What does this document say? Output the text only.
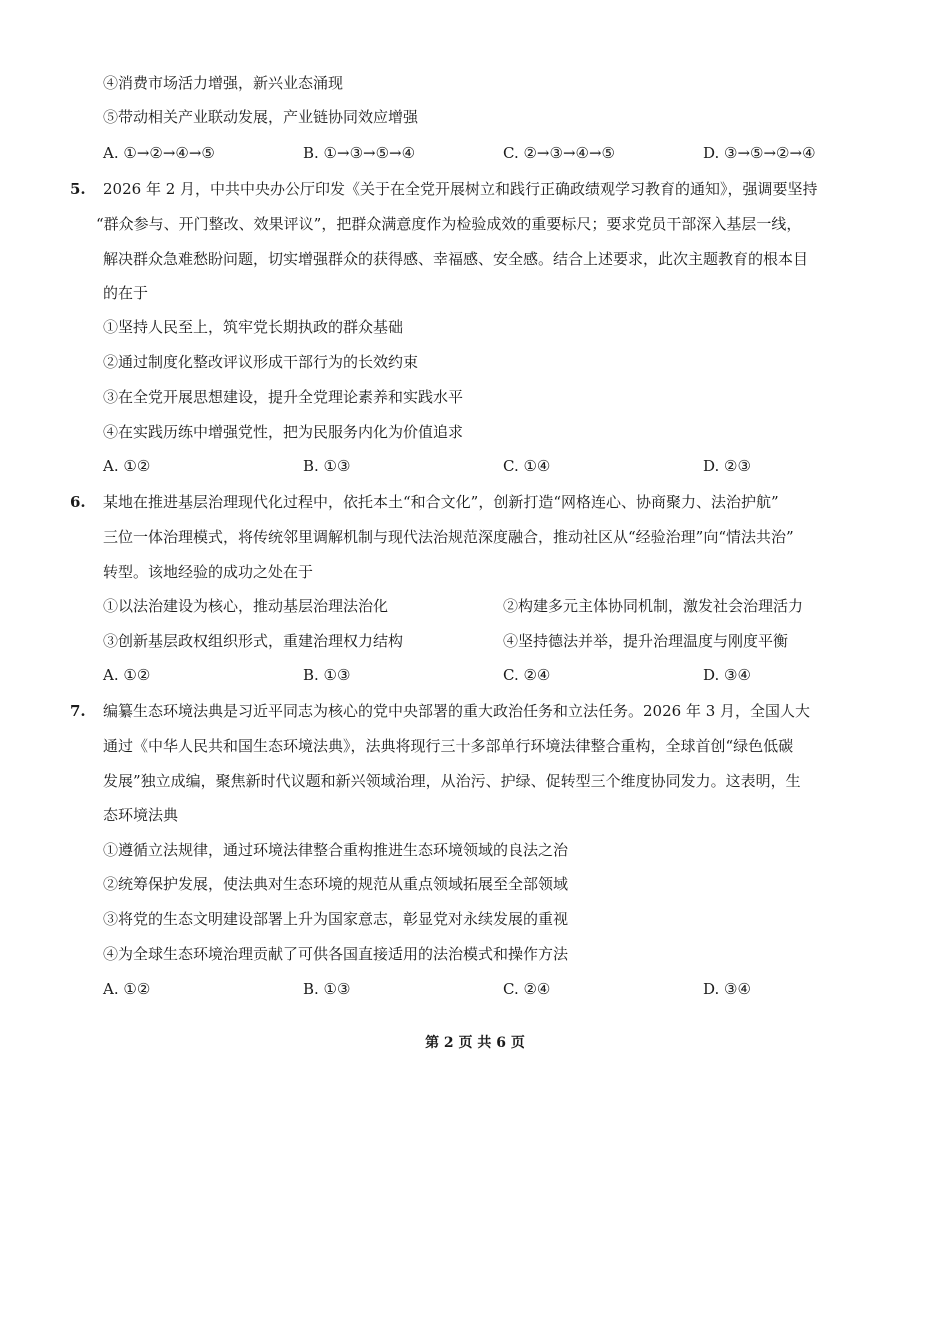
④消费市场活力增强，新兴业态涌现
⑤带动相关产业联动发展，产业链协同效应增强
A. ①→②→④→⑤	B. ①→③→⑤→④	C. ②→③→④→⑤	D. ③→⑤→②→④
5. 2026 年 2 月，中共中央办公厅印发《关于在全党开展树立和践行正确政绩观学习教育的通知》，强调要坚持
“群众参与、开门整改、效果评议”，把群众满意度作为检验成效的重要标尺；要求党员干部深入基层一线，
解决群众急难愁盼问题，切实增强群众的获得感、幸福感、安全感。结合上述要求，此次主题教育的根本目
的在于
①坚持人民至上，筑牢党长期执政的群众基础
②通过制度化整改评议形成干部行为的长效约束
③在全党开展思想建设，提升全党理论素养和实践水平
④在实践历练中增强党性，把为民服务内化为价值追求
A. ①②	B. ①③	C. ①④	D. ②③
6. 某地在推进基层治理现代化过程中，依托本土“和合文化”，创新打造“网格连心、协商聚力、法治护航”
三位一体治理模式，将传统邻里调解机制与现代法治规范深度融合，推动社区从“经验治理”向“情法共治”
转型。该地经验的成功之处在于
①以法治建设为核心，推动基层治理法治化	②构建多元主体协同机制，激发社会治理活力
③创新基层政权组织形式，重建治理权力结构	④坚持德法并举，提升治理温度与刚度平衡
A. ①②	B. ①③	C. ②④	D. ③④
7. 编纂生态环境法典是习近平同志为核心的党中央部署的重大政治任务和立法任务。2026 年 3 月，全国人大
通过《中华人民共和国生态环境法典》，法典将现行三十多部单行环境法律整合重构，全球首创“绿色低碳
发展”独立成编，聚焦新时代议题和新兴领域治理，从治污、护绿、促转型三个维度协同发力。这表明，生
态环境法典
①遵循立法规律，通过环境法律整合重构推进生态环境领域的良法之治
②统筹保护发展，使法典对生态环境的规范从重点领域拓展至全部领域
③将党的生态文明建设部署上升为国家意志，彰显党对永续发展的重视
④为全球生态环境治理贡献了可供各国直接适用的法治模式和操作方法
A. ①②	B. ①③	C. ②④	D. ③④
第 2 页 共 6 页
